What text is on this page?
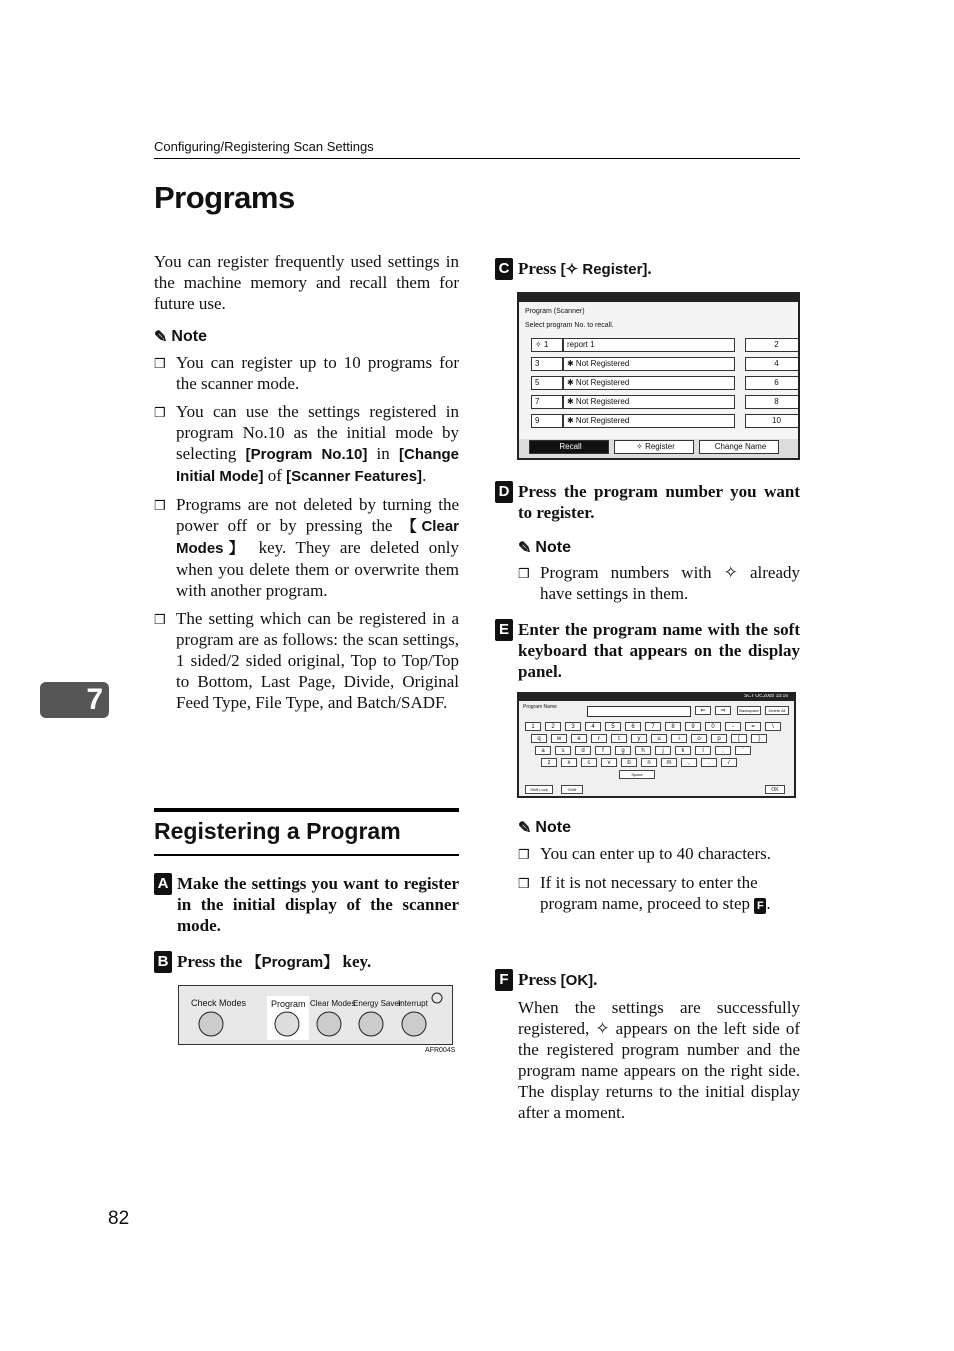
Configuring/Registering Scan Settings
Programs
You can register frequently used settings in the machine memory and recall them for future use.
✎ Note
❒ You can register up to 10 programs for the scanner mode.
❒ You can use the settings registered in program No.10 as the initial mode by selecting [Program No.10] in [Change Initial Mode] of [Scanner Features].
❒ Programs are not deleted by turning the power off or by pressing the 【Clear Modes】 key. They are deleted only when you delete them or overwrite them with another program.
❒ The setting which can be registered in a program are as follows: the scan settings, 1 sided/2 sided original, Top to Top/Top to Bottom, Last Page, Divide, Original Feed Type, File Type, and Batch/SADF.
Registering a Program
A Make the settings you want to register in the initial display of the scanner mode.
B Press the 【Program】 key.
Check Modes	Program Clear Modes
Energy Saver
Interrupt
AFR004S
C Press [✧ Register].
Program (Scanner)
Select program No. to recall.
✧ 1	report 1	2
3	✱ Not Registered	4
5	✱ Not Registered	6
7	✱ Not Registered	8
9	✱ Not Registered	10
Recall	✧ Register	Change Name
D Press the program number you want to register.
✎ Note
❒ Program numbers with ✧ already have settings in them.
E Enter the program name with the soft keyboard that appears on the display panel.
SCT Oc.2005 15:16
Program Name
⇐	⇒	Backspace	Delete All
1	2	3	4	5	6	7	8	9	0	-	=	\
q	w	e	r	t	y	u	i	o	p	[	]
a	s	d	f	g	h	j	k	l	;	'
z	x	c	v	b	n	m	,	.	/
Space
Shift Lock	Shift	OK
✎ Note
❒ You can enter up to 40 characters.
❒ If it is not necessary to enter the program name, proceed to step F .
F Press [OK].
When the settings are successfully registered, ✧ appears on the left side of the registered program number and the program name appears on the right side. The display returns to the initial display after a moment.
7
82
